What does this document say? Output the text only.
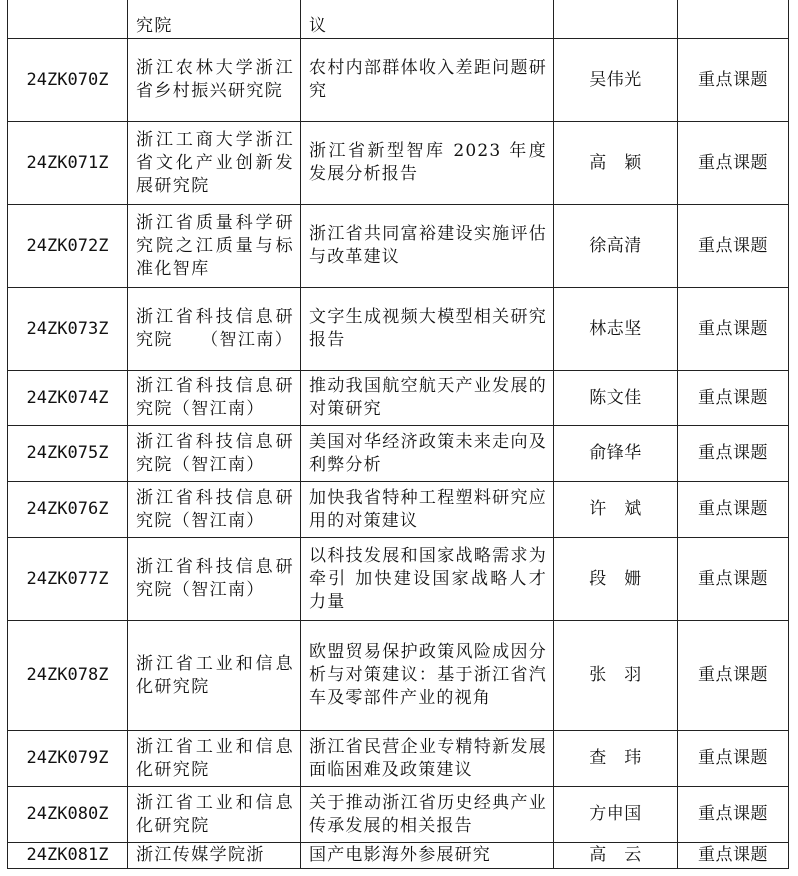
	究院	议		

24ZK070Z	浙江农林大学浙江省乡村振兴研究院	农村内部群体收入差距问题研究	吴伟光	重点课题
24ZK071Z	浙江工商大学浙江省文化产业创新发展研究院	浙江省新型智库 2023 年度发展分析报告	高　颖	重点课题
24ZK072Z	浙江省质量科学研究院之江质量与标准化智库	浙江省共同富裕建设实施评估与改革建议	徐高清	重点课题
24ZK073Z	浙江省科技信息研究院　　（智江南）	文字生成视频大模型相关研究报告	林志坚	重点课题
24ZK074Z	浙江省科技信息研究院（智江南）	推动我国航空航天产业发展的对策研究	陈文佳	重点课题
24ZK075Z	浙江省科技信息研究院（智江南）	美国对华经济政策未来走向及利弊分析	俞锋华	重点课题
24ZK076Z	浙江省科技信息研究院（智江南）	加快我省特种工程塑料研究应用的对策建议	许　斌	重点课题
24ZK077Z	浙江省科技信息研究院（智江南）	以科技发展和国家战略需求为牵引 加快建设国家战略人才力量	段　姗	重点课题
24ZK078Z	浙江省工业和信息化研究院	欧盟贸易保护政策风险成因分析与对策建议：基于浙江省汽车及零部件产业的视角	张　羽	重点课题
24ZK079Z	浙江省工业和信息化研究院	浙江省民营企业专精特新发展面临困难及政策建议	查　玮	重点课题
24ZK080Z	浙江省工业和信息化研究院	关于推动浙江省历史经典产业传承发展的相关报告	方申国	重点课题
24ZK081Z	浙江传媒学院浙	国产电影海外参展研究	高　云	重点课题
